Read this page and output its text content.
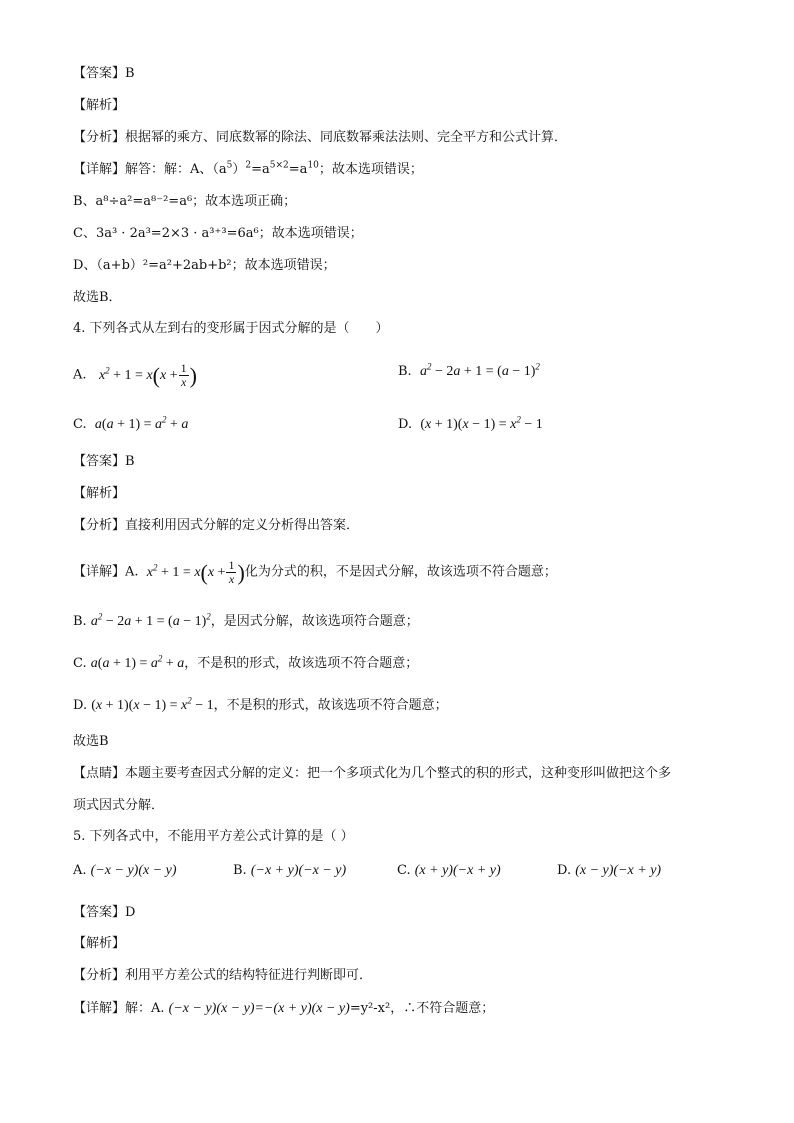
【答案】B
【解析】
【分析】根据幂的乘方、同底数幂的除法、同底数幂乘法法则、完全平方和公式计算．
【详解】解答：解：A、$(a^5)^2=a^{5\times 2}=a^{10}$；故本选项错误；
B、a⁸÷a²=a⁸⁻²=a⁶；故本选项正确；
C、3a³ · 2a³=2×3 · a³⁺³=6a⁶；故本选项错误；
D、（a+b）²=a²+2ab+b²；故本选项错误；
故选B．
4. 下列各式从左到右的变形属于因式分解的是（　　）
A. $x^2 + 1 = x(x + \frac{1}{x}$ )	B. $a^2 - 2a + 1 = (a - 1)^2$
C. $a(a + 1) = a^2 + a$	D. $(x + 1)(x - 1) = x^2 - 1$
【答案】B
【解析】
【分析】直接利用因式分解的定义分析得出答案．
【详解】A. $x^2 + 1 = x(x + \frac{1}{x}$ )化为分式的积，不是因式分解，故该选项不符合题意；
B. $a^2 - 2a + 1 = (a - 1)^2$，是因式分解，故该选项符合题意；
C. $a(a + 1) = a^2 + a$，不是积的形式，故该选项不符合题意；
D. $(x + 1)(x - 1) = x^2 - 1$，不是积的形式，故该选项不符合题意；
故选B
【点睛】本题主要考查因式分解的定义：把一个多项式化为几个整式的积的形式，这种变形叫做把这个多
项式因式分解．
5. 下列各式中，不能用平方差公式计算的是（ ）
A. (−x − y)(x − y)	B. (−x + y)(−x − y)	C. (x + y)(−x + y)	D. (x − y)(−x + y)
【答案】D
【解析】
【分析】利用平方差公式的结构特征进行判断即可．
【详解】解：A. (−x − y)(x − y)=−(x + y)(x − y)=y²-x²，∴不符合题意；
